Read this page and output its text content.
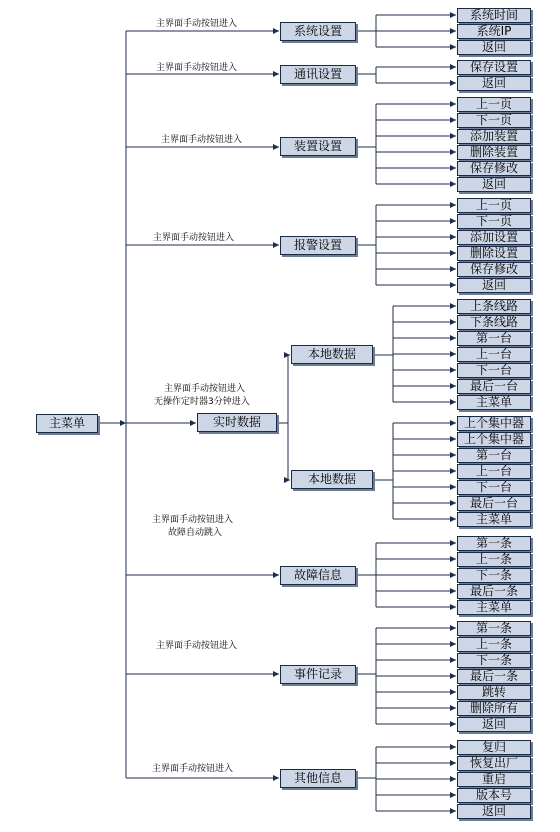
主菜单
系统设置
通讯设置
装置设置
报警设置
实时数据
故障信息
事件记录
其他信息
本地数据
本地数据
系统时间
系统IP
返回
保存设置
返回
上一页
下一页
添加装置
删除装置
保存修改
返回
上一页
下一页
添加设置
删除设置
保存修改
返回
上条线路
下条线路
第一台
上一台
下一台
最后一台
主菜单
上个集中器
上个集中器
第一台
上一台
下一台
最后一台
主菜单
第一条
上一条
下一条
最后一条
主菜单
第一条
上一条
下一条
最后一条
跳转
删除所有
返回
复归
恢复出厂
重启
版本号
返回
主界面手动按钮进入
主界面手动按钮进入
主界面手动按钮进入
主界面手动按钮进入
主界面手动按钮进入
无操作定时器3分钟进入
主界面手动按钮进入
故障自动跳入
主界面手动按钮进入
主界面手动按钮进入
